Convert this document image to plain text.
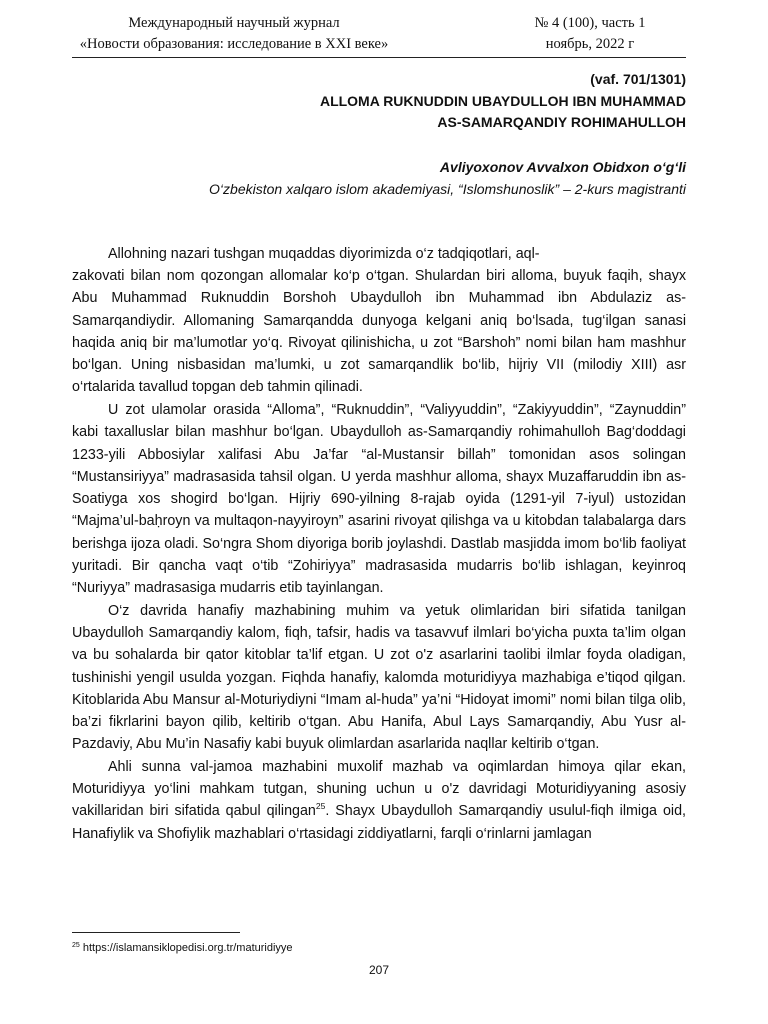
Международный научный журнал
«Новости образования: исследование в XXI веке»
№ 4 (100), часть 1
ноябрь, 2022 г
(vaf. 701/1301)
ALLOMA RUKNUDDIN UBAYDULLOH IBN MUHAMMAD
AS-SAMARQANDIY ROHIMAHULLOH
Avliyoxonov Avvalxon Obidxon o‘g‘li
O‘zbekiston xalqaro islom akademiyasi, “Islomshunoslik” – 2-kurs magistranti

Allohning nazari tushgan muqaddas diyorimizda o‘z tadqiqotlari, aql-

zakovati bilan nom qozongan allomalar ko‘p o‘tgan. Shulardan biri alloma, buyuk faqih, shayx Abu Muhammad Ruknuddin Borshoh Ubaydulloh ibn Muhammad ibn Abdulaziz as-Samarqandiydir. Allomaning Samarqandda dunyoga kelgani aniq bo‘lsada, tug‘ilgan sanasi haqida aniq bir ma’lumotlar yo‘q. Rivoyat qilinishicha, u zot “Barshoh” nomi bilan ham mashhur bo‘lgan. Uning nisbasidan ma’lumki, u zot samarqandlik bo‘lib, hijriy VII (milodiy XIII) asr o‘rtalarida tavallud topgan deb tahmin qilinadi.

U zot ulamolar orasida “Alloma”, “Ruknuddin”, “Valiyyuddin”, “Zakiyyuddin”, “Zaynuddin” kabi taxalluslar bilan mashhur bo‘lgan. Ubaydulloh as-Samarqandiy rohimahulloh Bag‘doddagi 1233-yili Abbosiylar xalifasi Abu Ja’far “al-Mustansir billah” tomonidan asos solingan “Mustansiriyya” madrasasida tahsil olgan. U yerda mashhur alloma, shayx Muzaffaruddin ibn as-Soatiyga xos shogird bo‘lgan. Hijriy 690-yilning 8-rajab oyida (1291-yil 7-iyul) ustozidan “Majma’ul-baḥroyn va multaqon-nayyiroyn” asarini rivoyat qilishga va u kitobdan talabalarga dars berishga ijoza oladi. So‘ngra Shom diyoriga borib joylashdi. Dastlab masjidda imom bo‘lib faoliyat yuritadi. Bir qancha vaqt o‘tib “Zohiriyya” madrasasida mudarris bo‘lib ishlagan, keyinroq “Nuriyya” madrasasiga mudarris etib tayinlangan.

O‘z davrida hanafiy mazhabining muhim va yetuk olimlaridan biri sifatida tanilgan Ubaydulloh Samarqandiy kalom, fiqh, tafsir, hadis va tasavvuf ilmlari bo‘yicha puxta ta’lim olgan va bu sohalarda bir qator kitoblar ta’lif etgan. U zot o'z asarlarini taolibi ilmlar foyda oladigan, tushinishi yengil usulda yozgan. Fiqhda hanafiy, kalomda moturidiyya mazhabiga e’tiqod qilgan. Kitoblarida Abu Mansur al-Moturiydiyni “Imam al-huda” ya’ni “Hidoyat imomi” nomi bilan tilga olib, ba’zi fikrlarini bayon qilib, keltirib o‘tgan. Abu Hanifa, Abul Lays Samarqandiy, Abu Yusr al-Pazdaviy, Abu Mu’in Nasafiy kabi buyuk olimlardan asarlarida naqllar keltirib o‘tgan.

Ahli sunna val-jamoa mazhabini muxolif mazhab va oqimlardan himoya qilar ekan, Moturidiyya yo‘lini mahkam tutgan, shuning uchun u o'z davridagi Moturidiyyaning asosiy vakillaridan biri sifatida qabul qilingan$^{25}$. Shayx Ubaydulloh Samarqandiy usulul-fiqh ilmiga oid, Hanafiylik va Shofiylik mazhablari o‘rtasidagi ziddiyatlarni, farqli o‘rinlarni jamlagan

$^{25}$ https://islamansiklopedisi.org.tr/maturidiyye
207
